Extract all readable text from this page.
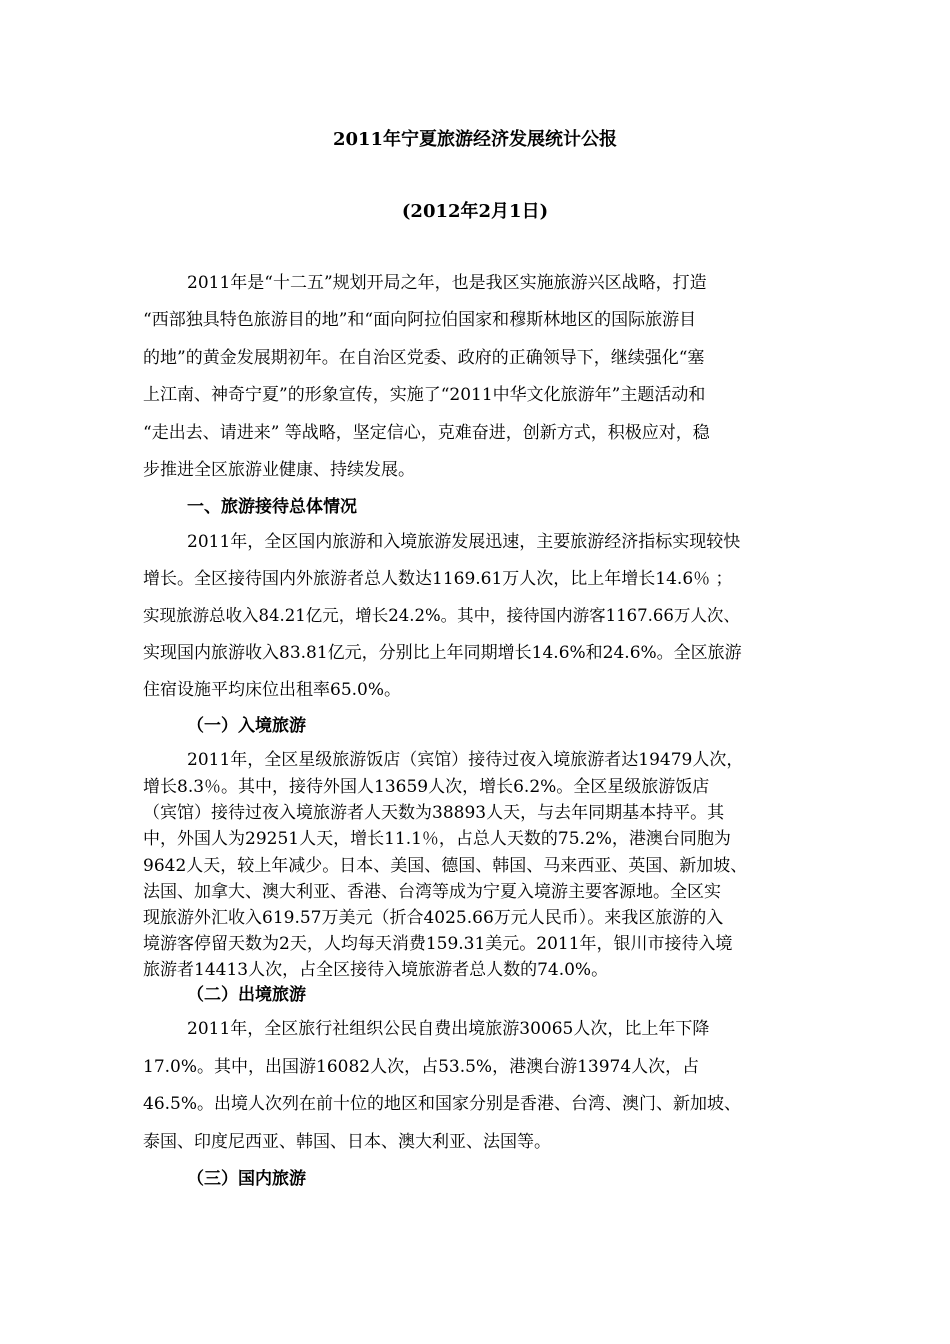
2011年宁夏旅游经济发展统计公报
(2012年2月1日)
2011年是“十二五”规划开局之年，也是我区实施旅游兴区战略，打造
“西部独具特色旅游目的地”和“面向阿拉伯国家和穆斯林地区的国际旅游目
的地”的黄金发展期初年。在自治区党委、政府的正确领导下，继续强化“塞
上江南、神奇宁夏”的形象宣传，实施了“2011中华文化旅游年”主题活动和
“走出去、请进来” 等战略，坚定信心，克难奋进，创新方式，积极应对，稳
步推进全区旅游业健康、持续发展。
一、旅游接待总体情况
2011年，全区国内旅游和入境旅游发展迅速，主要旅游经济指标实现较快
增长。全区接待国内外旅游者总人数达1169.61万人次，比上年增长14.6％ ；
实现旅游总收入84.21亿元，增长24.2%。其中，接待国内游客1167.66万人次、
实现国内旅游收入83.81亿元，分别比上年同期增长14.6%和24.6%。全区旅游
住宿设施平均床位出租率65.0%。
（一）入境旅游
2011年，全区星级旅游饭店（宾馆）接待过夜入境旅游者达19479人次，
增长8.3％。其中，接待外国人13659人次，增长6.2%。全区星级旅游饭店
（宾馆）接待过夜入境旅游者人天数为38893人天，与去年同期基本持平。其
中，外国人为29251人天，增长11.1％，占总人天数的75.2%，港澳台同胞为
9642人天，较上年减少。日本、美国、德国、韩国、马来西亚、英国、新加坡、
法国、加拿大、澳大利亚、香港、台湾等成为宁夏入境游主要客源地。全区实
现旅游外汇收入619.57万美元（折合4025.66万元人民币）。来我区旅游的入
境游客停留天数为2天，人均每天消费159.31美元。2011年，银川市接待入境
旅游者14413人次，占全区接待入境旅游者总人数的74.0%。
（二）出境旅游
2011年，全区旅行社组织公民自费出境旅游30065人次，比上年下降
17.0%。其中，出国游16082人次，占53.5%，港澳台游13974人次，占
46.5%。出境人次列在前十位的地区和国家分别是香港、台湾、澳门、新加坡、
泰国、印度尼西亚、韩国、日本、澳大利亚、法国等。
（三）国内旅游
